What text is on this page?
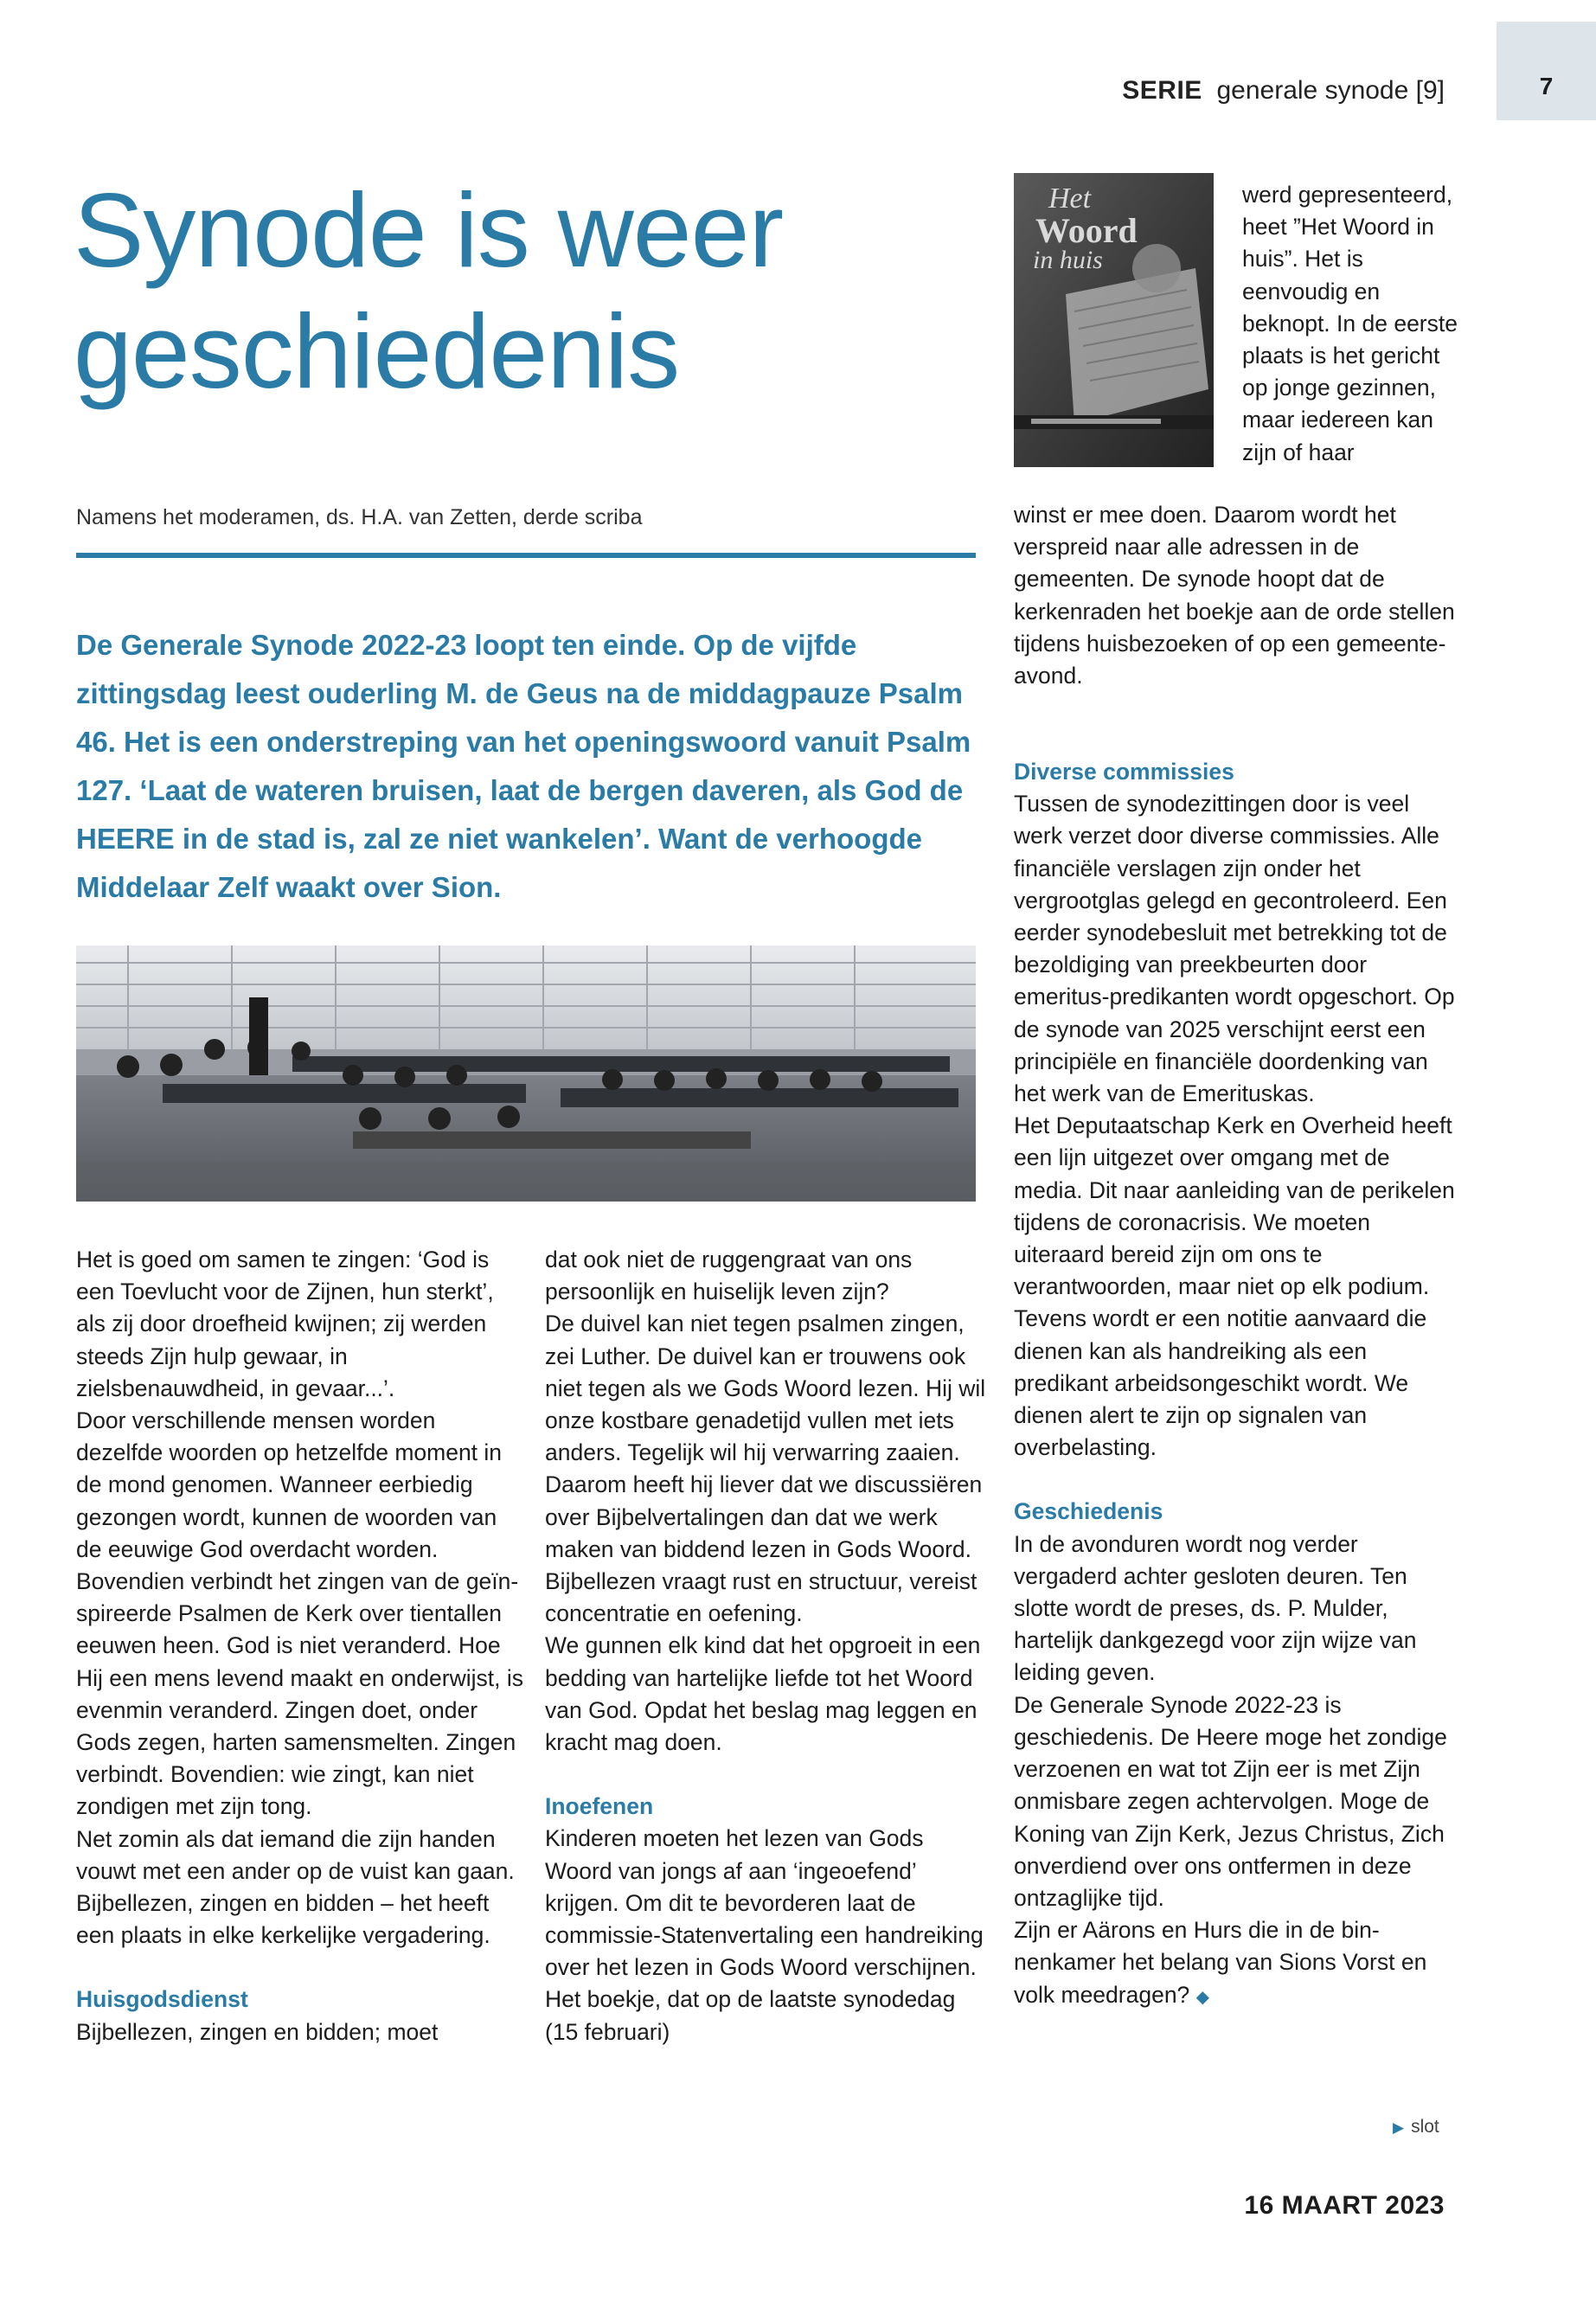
SERIE generale synode [9]	7
Synode is weer
geschiedenis
Namens het moderamen, ds. H.A. van Zetten, derde scriba
De Generale Synode 2022-23 loopt ten einde. Op de vijfde zittingsdag leest ouderling M. de Geus na de middagpauze Psalm 46. Het is een onderstreping van het openingswoord vanuit Psalm 127. ‘Laat de wateren bruisen, laat de bergen daveren, als God de HEERE in de stad is, zal ze niet wankelen’. Want de verhoogde Middelaar Zelf waakt over Sion.

Het is goed om samen te zingen: ‘God is een Toevlucht voor de Zijnen, hun sterkt’, als zij door droefheid kwijnen; zij werden steeds Zijn hulp gewaar, in zielsbenauwdheid, in gevaar...’.

Door verschillende mensen worden dezelfde woorden op hetzelfde moment in de mond genomen. Wanneer eerbiedig gezongen wordt, kunnen de woorden van de eeuwige God overdacht worden. Bovendien verbindt het zingen van de geïnspireerde Psalmen de Kerk over tientallen eeuwen heen. God is niet veranderd. Hoe Hij een mens levend maakt en onderwijst, is evenmin veranderd. Zingen doet, onder Gods zegen, harten samensmelten. Zingen verbindt. Bovendien: wie zingt, kan niet zondigen met zijn tong.

Net zomin als dat iemand die zijn handen vouwt met een ander op de vuist kan gaan. Bijbellezen, zingen en bidden – het heeft een plaats in elke kerkelijke vergadering.

Huisgodsdienst

Bijbellezen, zingen en bidden; moet

dat ook niet de ruggengraat van ons persoonlijk en huiselijk leven zijn?

De duivel kan niet tegen psalmen zingen, zei Luther. De duivel kan er trouwens ook niet tegen als we Gods Woord lezen. Hij wil onze kostbare genadetijd vullen met iets anders. Tegelijk wil hij verwarring zaaien. Daarom heeft hij liever dat we discussiëren over Bijbelvertalingen dan dat we werk maken van biddend lezen in Gods Woord. Bijbellezen vraagt rust en structuur, vereist concentratie en oefening.

We gunnen elk kind dat het opgroeit in een bedding van hartelijke liefde tot het Woord van God. Opdat het beslag mag leggen en kracht mag doen.

Inoefenen

Kinderen moeten het lezen van Gods Woord van jongs af aan ‘ingeoefend’ krijgen. Om dit te bevorderen laat de commissie-Statenvertaling een handreiking over het lezen in Gods Woord verschijnen. Het boekje, dat op de laatste synodedag (15 februari)

Het
Woord
in huis

werd gepresenteerd, heet ”Het Woord in huis”. Het is eenvoudig en beknopt. In de eerste plaats is het gericht op jonge gezinnen, maar iedereen kan zijn of haar

winst er mee doen. Daarom wordt het verspreid naar alle adressen in de gemeenten. De synode hoopt dat de kerkenraden het boekje aan de orde stellen tijdens huisbezoeken of op een gemeente-avond.

Diverse commissies

Tussen de synodezittingen door is veel werk verzet door diverse commissies. Alle financiële verslagen zijn onder het vergrootglas gelegd en gecontroleerd. Een eerder synodebesluit met betrekking tot de bezoldiging van preekbeurten door emeritus-predikanten wordt opgeschort. Op de synode van 2025 verschijnt eerst een principiële en financiële doordenking van het werk van de Emerituskas.

Het Deputaatschap Kerk en Overheid heeft een lijn uitgezet over omgang met de media. Dit naar aanleiding van de perikelen tijdens de coronacrisis. We moeten uiteraard bereid zijn om ons te verantwoorden, maar niet op elk podium.

Tevens wordt er een notitie aanvaard die dienen kan als handreiking als een predikant arbeidsongeschikt wordt. We dienen alert te zijn op signalen van overbelasting.

Geschiedenis

In de avonduren wordt nog verder vergaderd achter gesloten deuren. Ten slotte wordt de preses, ds. P. Mulder, hartelijk dankgezegd voor zijn wijze van leiding geven.

De Generale Synode 2022-23 is geschiedenis. De Heere moge het zondige verzoenen en wat tot Zijn eer is met Zijn onmisbare zegen achtervolgen. Moge de Koning van Zijn Kerk, Jezus Christus, Zich onverdiend over ons ontfermen in deze ontzaglijke tijd.

Zijn er Aärons en Hurs die in de binnenkamer het belang van Sions Vorst en volk meedragen? ◆

▶ slot
16 MAART 2023
